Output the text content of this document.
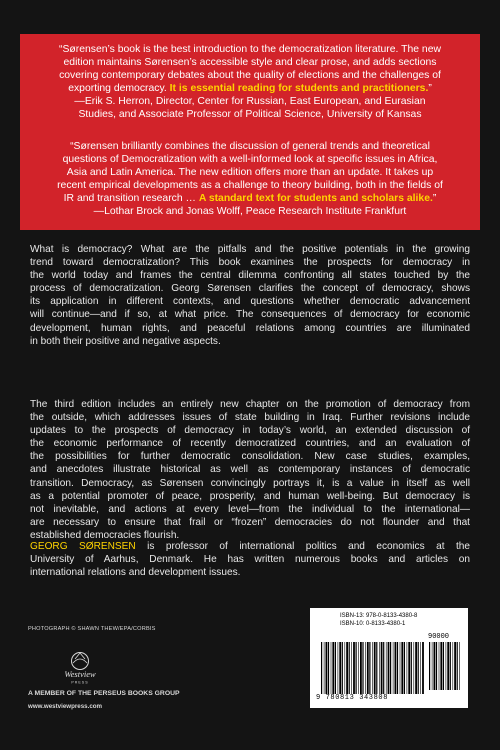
“Sørensen’s book is the best introduction to the democratization literature. The new
edition maintains Sørensen’s accessible style and clear prose, and adds sections
covering contemporary debates about the quality of elections and the challenges of
exporting democracy. It is essential reading for students and practitioners.”
—Erik S. Herron, Director, Center for Russian, East European, and Eurasian
Studies, and Associate Professor of Political Science, University of Kansas
“Sørensen brilliantly combines the discussion of general trends and theoretical
questions of Democratization with a well-informed look at specific issues in Africa,
Asia and Latin America. The new edition offers more than an update. It takes up
recent empirical developments as a challenge to theory building, both in the fields of
IR and transition research … A standard text for students and scholars alike.”
—Lothar Brock and Jonas Wolff, Peace Research Institute Frankfurt
What is democracy? What are the pitfalls and the positive potentials in the growing
trend toward democratization? This book examines the prospects for democracy in
the world today and frames the central dilemma confronting all states touched by the
process of democratization. Georg Sørensen clarifies the concept of democracy, shows
its application in different contexts, and questions whether democratic advancement
will continue—and if so, at what price. The consequences of democracy for economic
development, human rights, and peaceful relations among countries are illuminated
in both their positive and negative aspects.
The third edition includes an entirely new chapter on the promotion of democracy from
the outside, which addresses issues of state building in Iraq. Further revisions include
updates to the prospects of democracy in today’s world, an extended discussion of
the economic performance of recently democratized countries, and an evaluation of
the possibilities for further democratic consolidation. New case studies, examples,
and anecdotes illustrate historical as well as contemporary instances of democratic
transition. Democracy, as Sørensen convincingly portrays it, is a value in itself as well
as a potential promoter of peace, prosperity, and human well-being. But democracy is
not inevitable, and actions at every level—from the individual to the international—
are necessary to ensure that frail or “frozen” democracies do not flounder and that
established democracies flourish.
GEORG SØRENSEN is professor of international politics and economics at the
University of Aarhus, Denmark. He has written numerous books and articles on
international relations and development issues.
PHOTOGRAPH © SHAWN THEW/EPA/CORBIS
Westview
PRESS
A MEMBER OF THE PERSEUS BOOKS GROUP
www.westviewpress.com
ISBN-13: 978-0-8133-4380-8
ISBN-10: 0-8133-4380-1
90000
9 780813 343808
